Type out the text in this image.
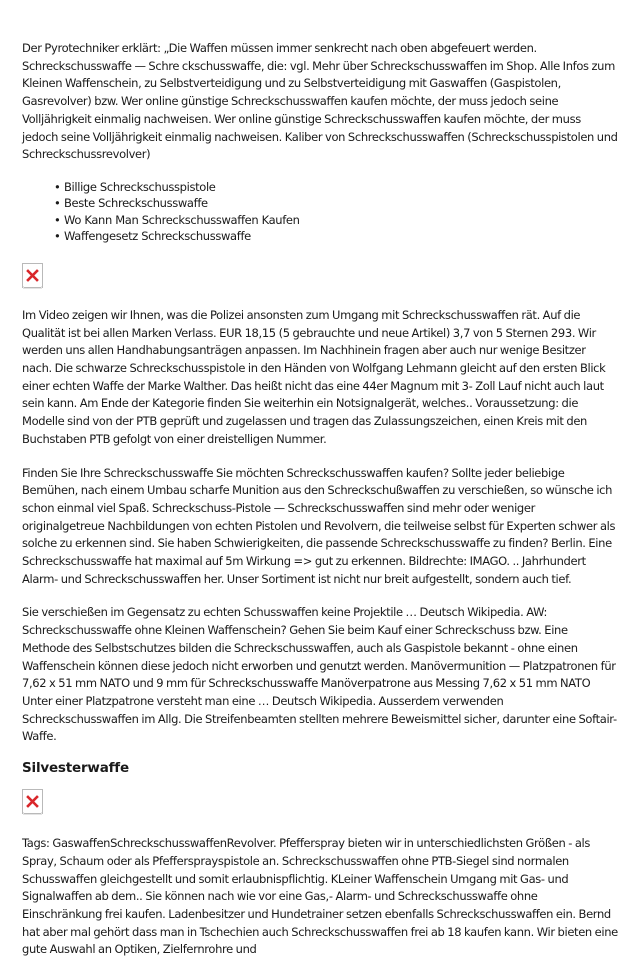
Der Pyrotechniker erklärt: „Die Waffen müssen immer senkrecht nach oben abgefeuert werden. Schreckschusswaffe — Schre ckschusswaffe, die: vgl. Mehr über Schreckschusswaffen im Shop. Alle Infos zum Kleinen Waffenschein, zu Selbstverteidigung und zu Selbstverteidigung mit Gaswaffen (Gaspistolen, Gasrevolver) bzw. Wer online günstige Schreckschusswaffen kaufen möchte, der muss jedoch seine Volljährigkeit einmalig nachweisen. Wer online günstige Schreckschusswaffen kaufen möchte, der muss jedoch seine Volljährigkeit einmalig nachweisen. Kaliber von Schreckschusswaffen (Schreckschusspistolen und Schreckschussrevolver)

• Billige Schreckschusspistole
• Beste Schreckschusswaffe
• Wo Kann Man Schreckschusswaffen Kaufen
• Waffengesetz Schreckschusswaffe

Im Video zeigen wir Ihnen, was die Polizei ansonsten zum Umgang mit Schreckschusswaffen rät. Auf die Qualität ist bei allen Marken Verlass. EUR 18,15 (5 gebrauchte und neue Artikel) 3,7 von 5 Sternen 293. Wir werden uns allen Handhabungsanträgen anpassen. Im Nachhinein fragen aber auch nur wenige Besitzer nach. Die schwarze Schreckschusspistole in den Händen von Wolfgang Lehmann gleicht auf den ersten Blick einer echten Waffe der Marke Walther. Das heißt nicht das eine 44er Magnum mit 3- Zoll Lauf nicht auch laut sein kann. Am Ende der Kategorie finden Sie weiterhin ein Notsignalgerät, welches.. Voraussetzung: die Modelle sind von der PTB geprüft und zugelassen und tragen das Zulassungszeichen, einen Kreis mit den Buchstaben PTB gefolgt von einer dreistelligen Nummer.

Finden Sie Ihre Schreckschusswaffe Sie möchten Schreckschusswaffen kaufen? Sollte jeder beliebige Bemühen, nach einem Umbau scharfe Munition aus den Schreckschußwaffen zu verschießen, so wünsche ich schon einmal viel Spaß. Schreckschuss-Pistole — Schreckschusswaffen sind mehr oder weniger originalgetreue Nachbildungen von echten Pistolen und Revolvern, die teilweise selbst für Experten schwer als solche zu erkennen sind. Sie haben Schwierigkeiten, die passende Schreckschusswaffe zu finden? Berlin. Eine Schreckschusswaffe hat maximal auf 5m Wirkung => gut zu erkennen. Bildrechte: IMAGO. .. Jahrhundert Alarm- und Schreckschusswaffen her. Unser Sortiment ist nicht nur breit aufgestellt, sondern auch tief.

Sie verschießen im Gegensatz zu echten Schusswaffen keine Projektile … Deutsch Wikipedia. AW: Schreckschusswaffe ohne Kleinen Waffenschein? Gehen Sie beim Kauf einer Schreckschuss bzw. Eine Methode des Selbstschutzes bilden die Schreckschusswaffen, auch als Gaspistole bekannt - ohne einen Waffenschein können diese jedoch nicht erworben und genutzt werden. Manövermunition — Platzpatronen für 7,62 x 51 mm NATO und 9 mm für Schreckschusswaffe Manöverpatrone aus Messing 7,62 x 51 mm NATO Unter einer Platzpatrone versteht man eine … Deutsch Wikipedia. Ausserdem verwenden Schreckschusswaffen im Allg. Die Streifenbeamten stellten mehrere Beweismittel sicher, darunter eine Softair-Waffe.

Silvesterwaffe

Tags: GaswaffenSchreckschusswaffenRevolver. Pfefferspray bieten wir in unterschiedlichsten Größen - als Spray, Schaum oder als Pfeffersprayspistole an. Schreckschusswaffen ohne PTB-Siegel sind normalen Schusswaffen gleichgestellt und somit erlaubnispflichtig. KLeiner Waffenschein Umgang mit Gas- und Signalwaffen ab dem.. Sie können nach wie vor eine Gas,- Alarm- und Schreckschusswaffe ohne Einschränkung frei kaufen. Ladenbesitzer und Hundetrainer setzen ebenfalls Schreckschusswaffen ein. Bernd hat aber mal gehört dass man in Tschechien auch Schreckschusswaffen frei ab 18 kaufen kann. Wir bieten eine gute Auswahl an Optiken, Zielfernrohre und
